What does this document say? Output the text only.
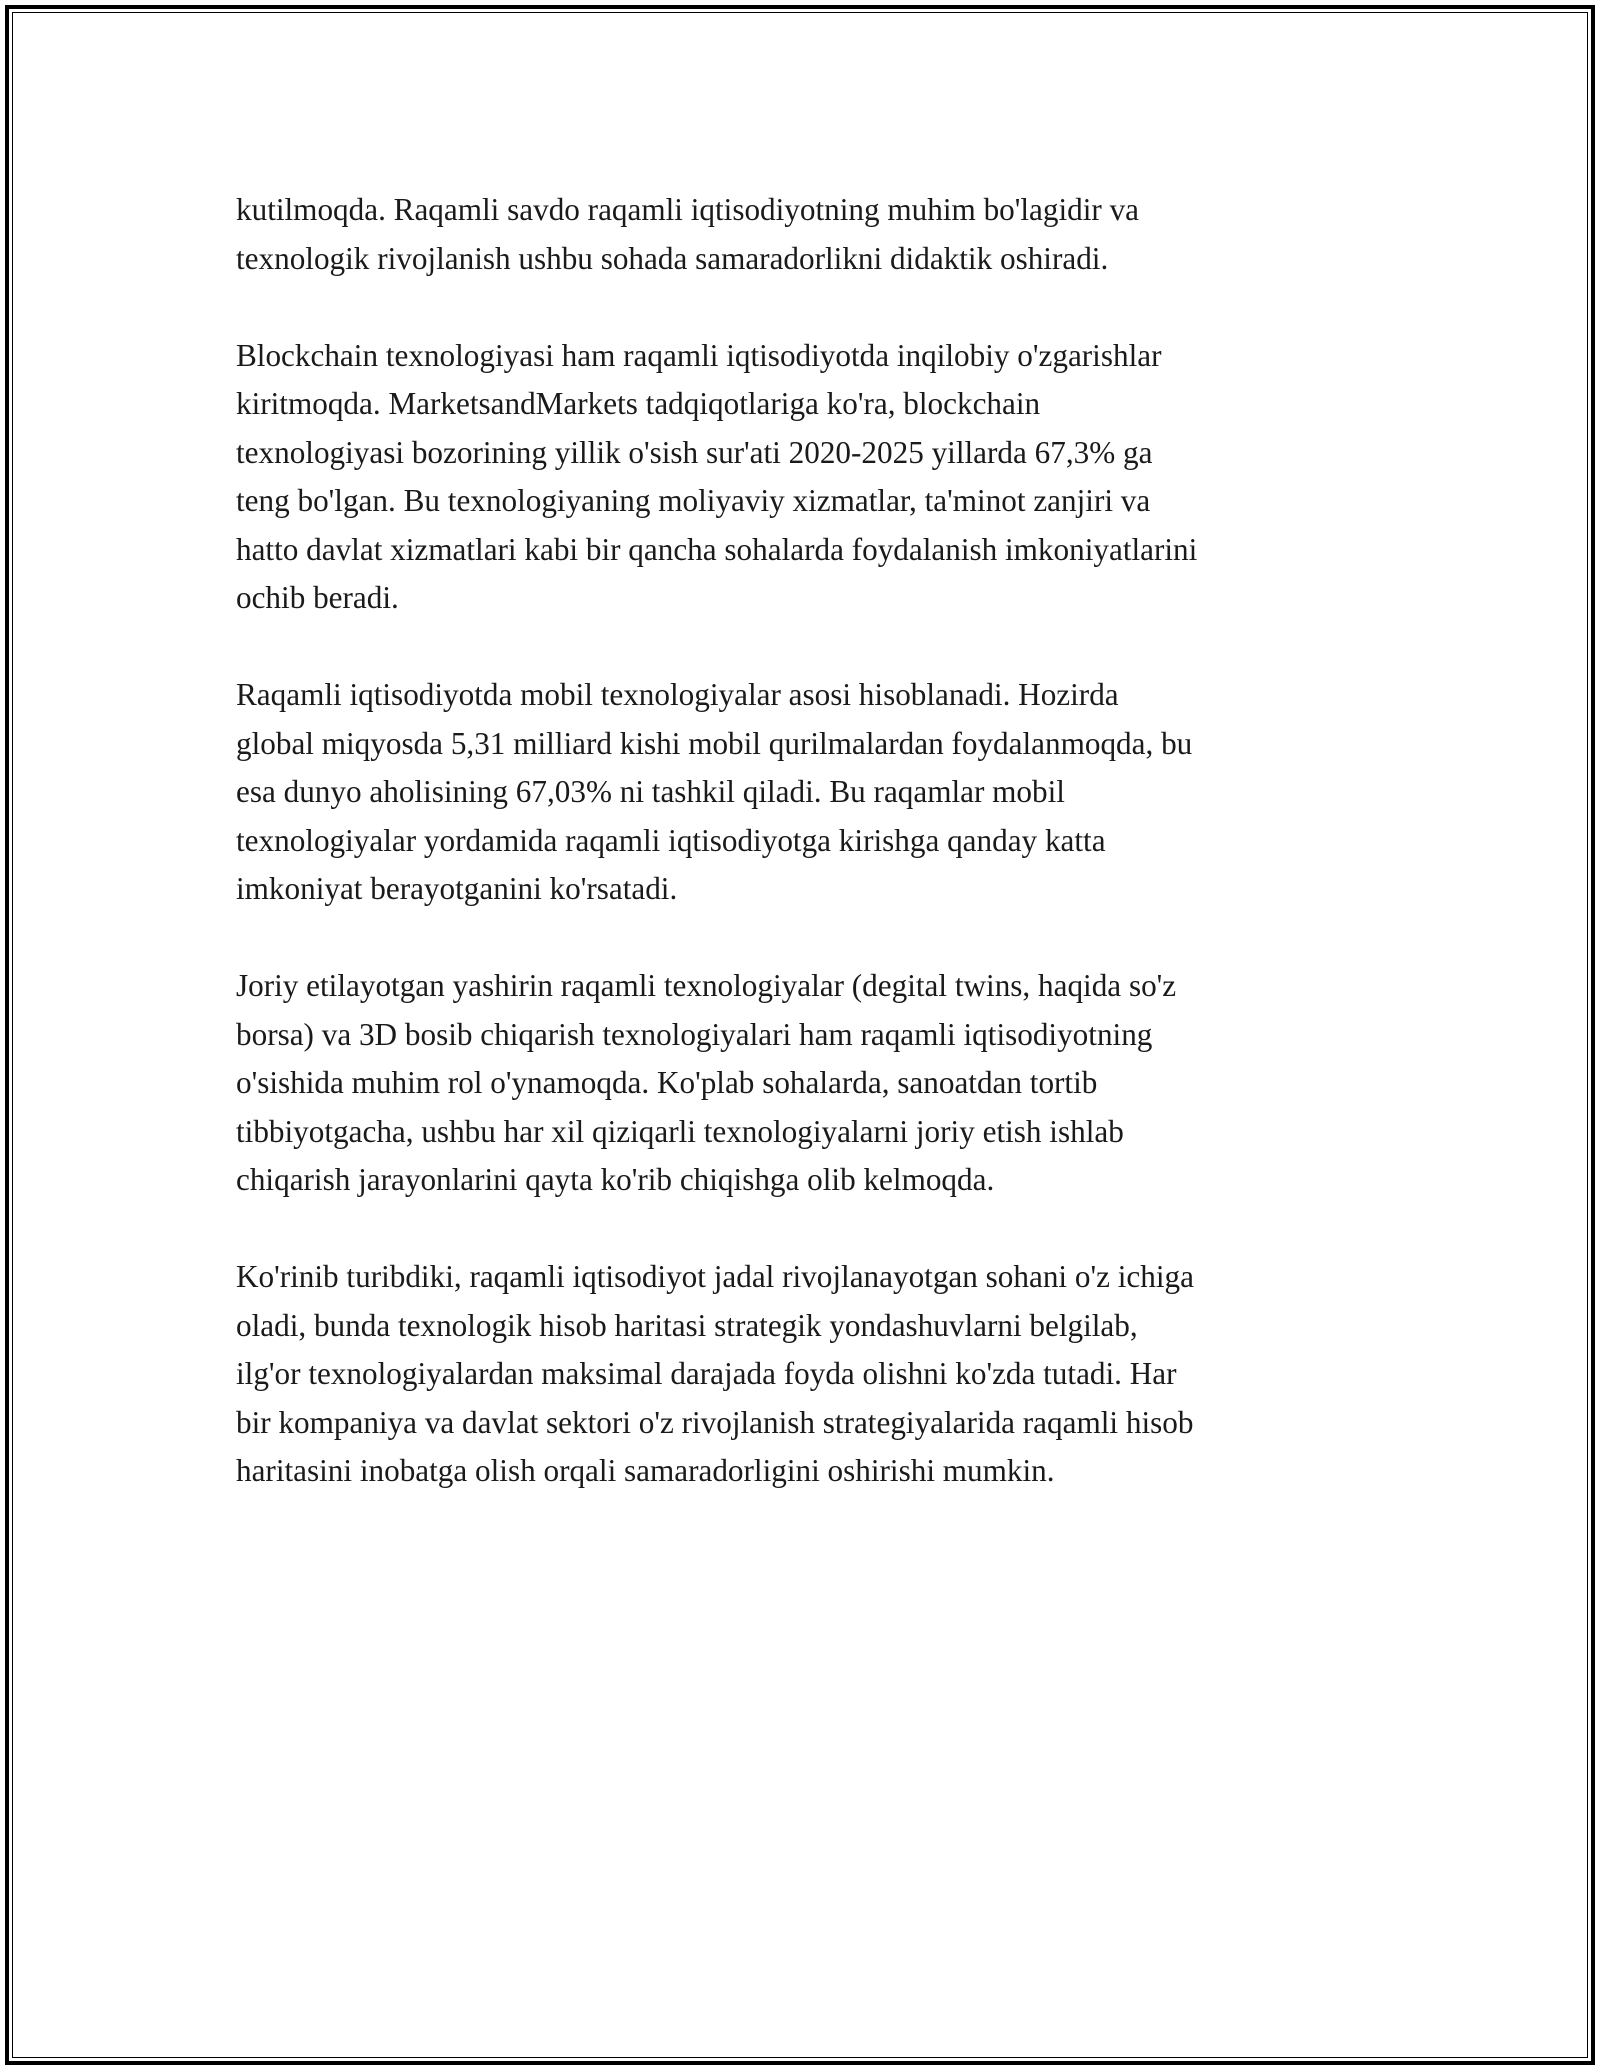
kutilmoqda. Raqamli savdo raqamli iqtisodiyotning muhim bo'lagidir va
texnologik rivojlanish ushbu sohada samaradorlikni didaktik oshiradi.

Blockchain texnologiyasi ham raqamli iqtisodiyotda inqilobiy o'zgarishlar
kiritmoqda. MarketsandMarkets tadqiqotlariga ko'ra, blockchain
texnologiyasi bozorining yillik o'sish sur'ati 2020-2025 yillarda 67,3% ga
teng bo'lgan. Bu texnologiyaning moliyaviy xizmatlar, ta'minot zanjiri va
hatto davlat xizmatlari kabi bir qancha sohalarda foydalanish imkoniyatlarini
ochib beradi.

Raqamli iqtisodiyotda mobil texnologiyalar asosi hisoblanadi. Hozirda
global miqyosda 5,31 milliard kishi mobil qurilmalardan foydalanmoqda, bu
esa dunyo aholisining 67,03% ni tashkil qiladi. Bu raqamlar mobil
texnologiyalar yordamida raqamli iqtisodiyotga kirishga qanday katta
imkoniyat berayotganini ko'rsatadi.

Joriy etilayotgan yashirin raqamli texnologiyalar (degital twins, haqida so'z
borsa) va 3D bosib chiqarish texnologiyalari ham raqamli iqtisodiyotning
o'sishida muhim rol o'ynamoqda. Ko'plab sohalarda, sanoatdan tortib
tibbiyotgacha, ushbu har xil qiziqarli texnologiyalarni joriy etish ishlab
chiqarish jarayonlarini qayta ko'rib chiqishga olib kelmoqda.

Ko'rinib turibdiki, raqamli iqtisodiyot jadal rivojlanayotgan sohani o'z ichiga
oladi, bunda texnologik hisob haritasi strategik yondashuvlarni belgilab,
ilg'or texnologiyalardan maksimal darajada foyda olishni ko'zda tutadi. Har
bir kompaniya va davlat sektori o'z rivojlanish strategiyalarida raqamli hisob
haritasini inobatga olish orqali samaradorligini oshirishi mumkin.
